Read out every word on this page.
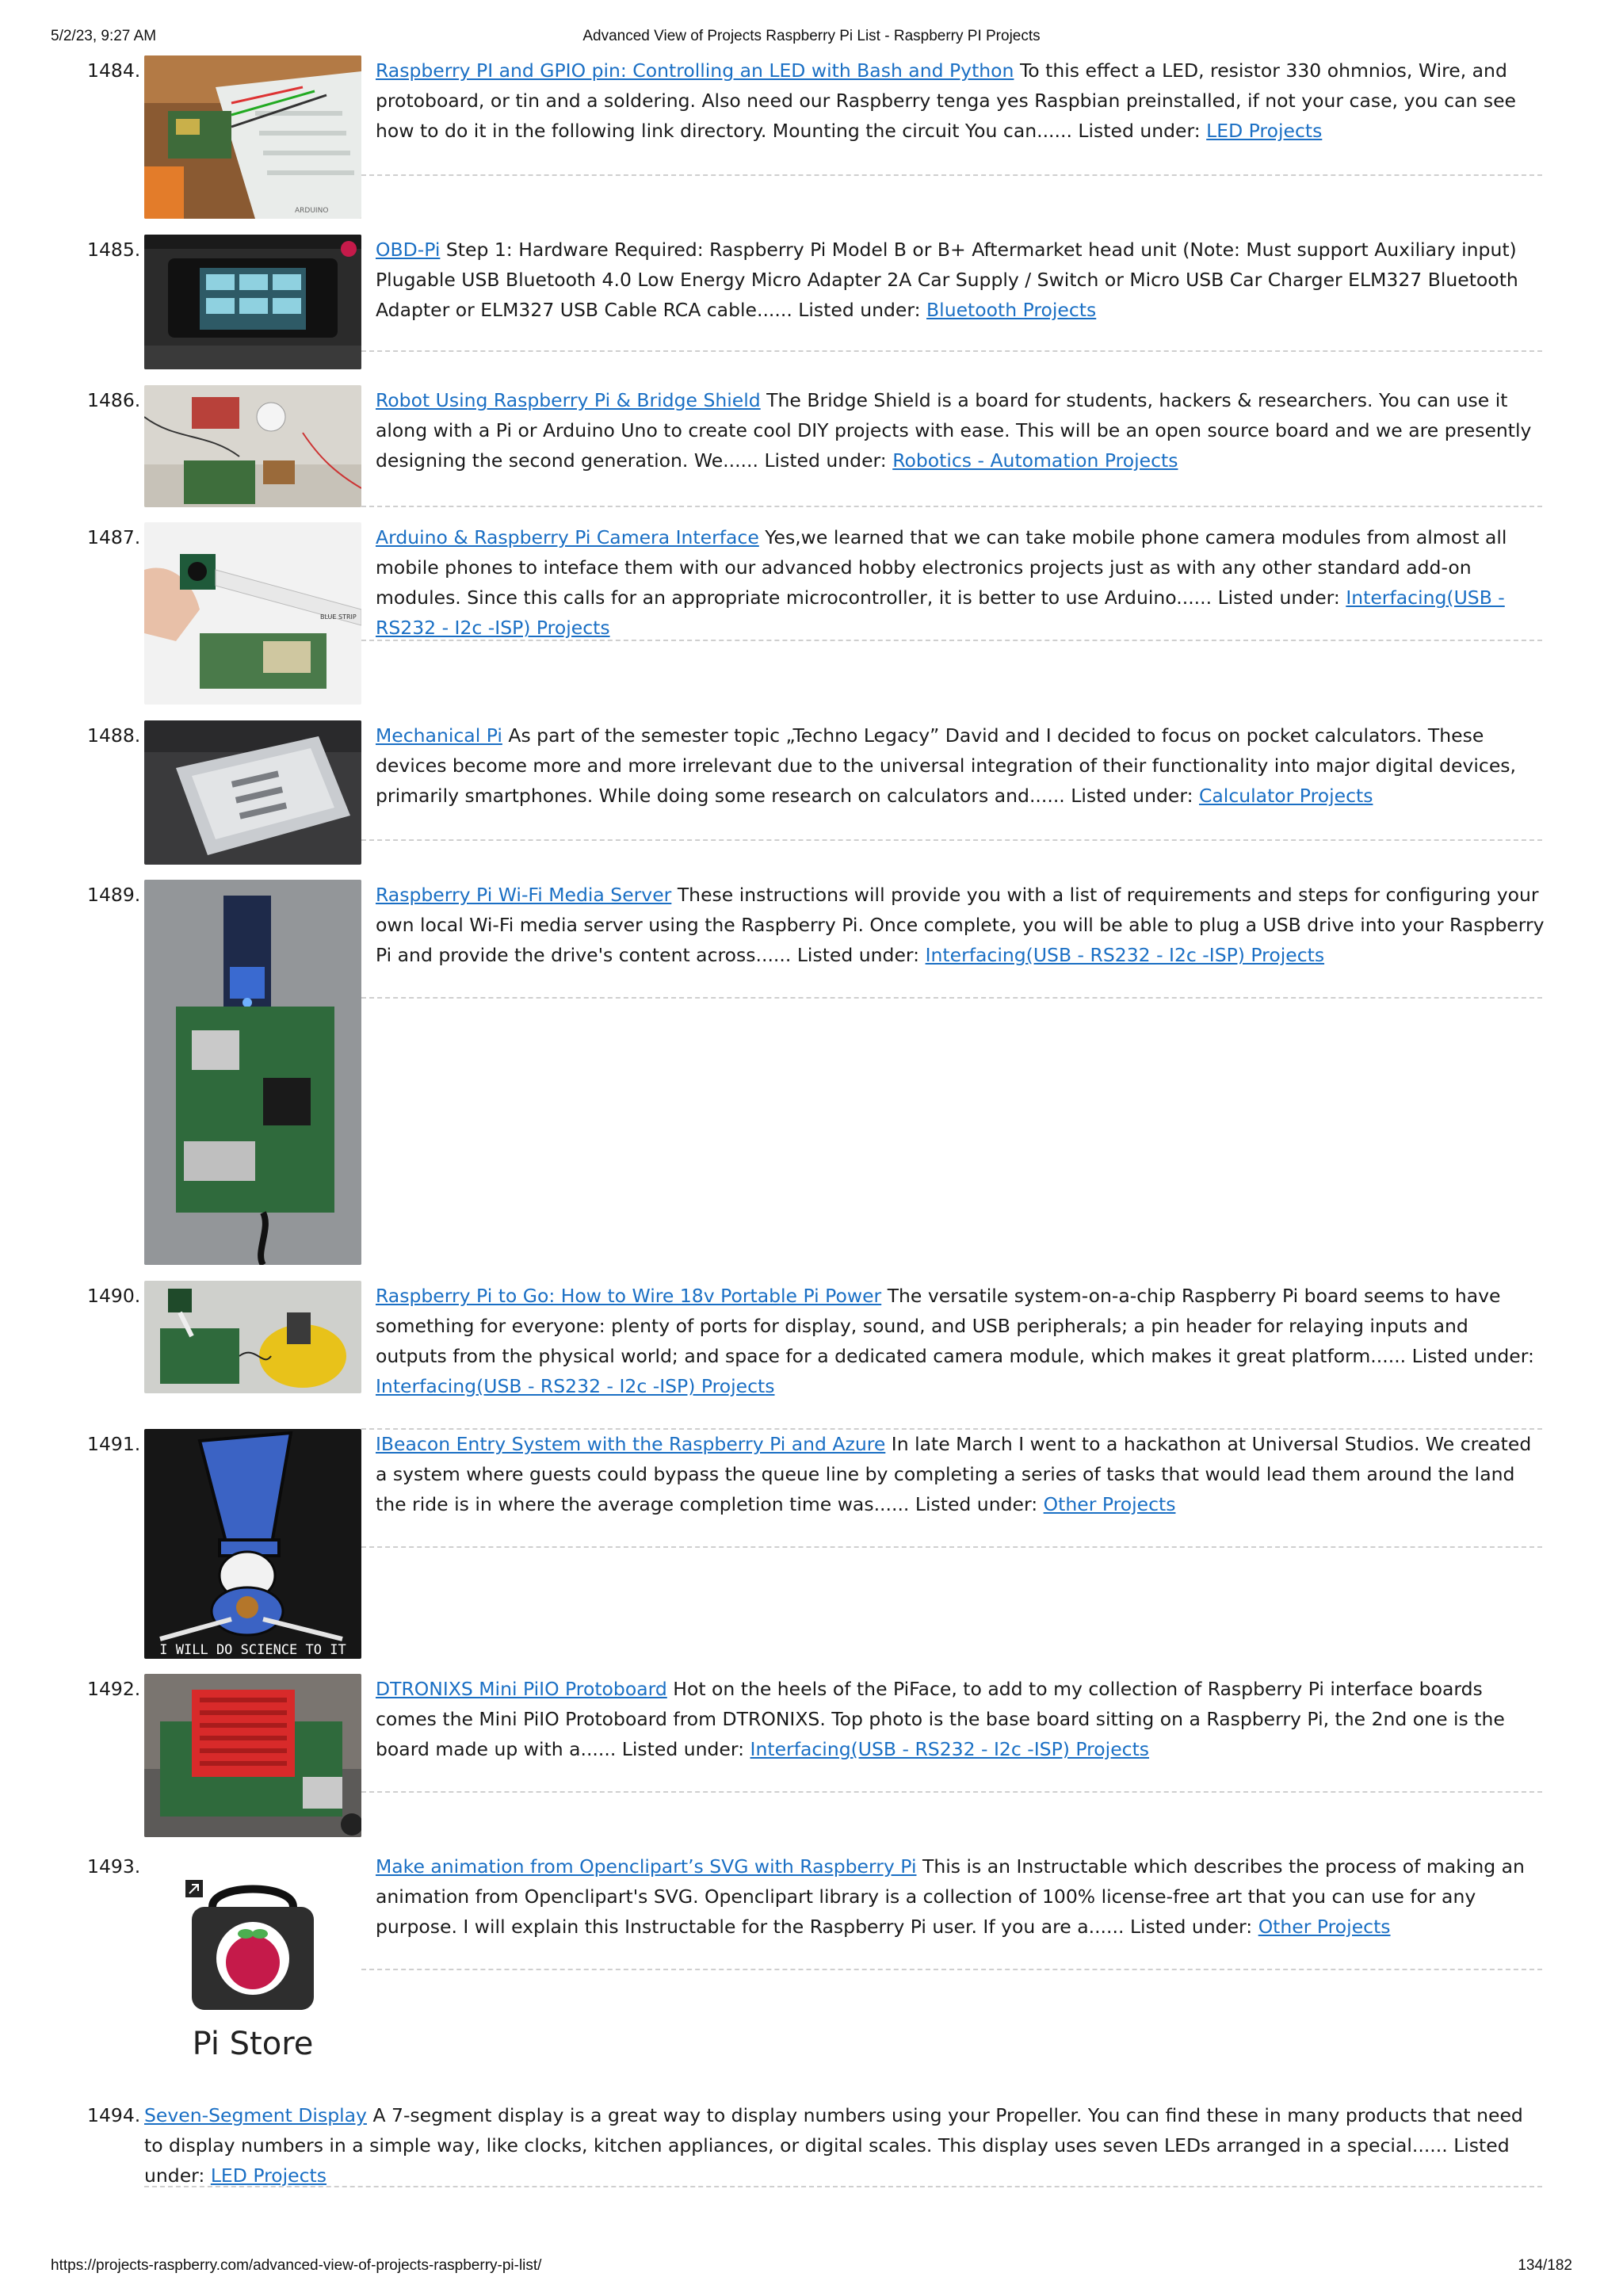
5/2/23, 9:27 AM	Advanced View of Projects Raspberry Pi List - Raspberry PI Projects
1484.
ARDUINO
Raspberry PI and GPIO pin: Controlling an LED with Bash and Python To this effect a LED, resistor 330 ohmnios, Wire, and protoboard, or tin and a soldering. Also need our Raspberry tenga yes Raspbian preinstalled, if not your case, you can see how to do it in the following link directory. Mounting the circuit You can...... Listed under: LED Projects
1485.	OBD-Pi Step 1: Hardware Required: Raspberry Pi Model B or B+ Aftermarket head unit (Note: Must support Auxiliary input) Plugable USB Bluetooth 4.0 Low Energy Micro Adapter 2A Car Supply / Switch or Micro USB Car Charger ELM327 Bluetooth Adapter or ELM327 USB Cable RCA cable...... Listed under: Bluetooth Projects
1486.	Robot Using Raspberry Pi & Bridge Shield The Bridge Shield is a board for students, hackers & researchers. You can use it along with a Pi or Arduino Uno to create cool DIY projects with ease. This will be an open source board and we are presently designing the second generation. We...... Listed under: Robotics - Automation Projects
1487.
BLUE STRIP
Arduino & Raspberry Pi Camera Interface Yes,we learned that we can take mobile phone camera modules from almost all mobile phones to inteface them with our advanced hobby electronics projects just as with any other standard add-on modules. Since this calls for an appropriate microcontroller, it is better to use Arduino...... Listed under: Interfacing(USB - RS232 - I2c -ISP) Projects
1488.	Mechanical Pi As part of the semester topic „Techno Legacy” David and I decided to focus on pocket calculators. These devices become more and more irrelevant due to the universal integration of their functionality into major digital devices, primarily smartphones. While doing some research on calculators and...... Listed under: Calculator Projects
1489.	Raspberry Pi Wi-Fi Media Server These instructions will provide you with a list of requirements and steps for configuring your own local Wi-Fi media server using the Raspberry Pi. Once complete, you will be able to plug a USB drive into your Raspberry Pi and provide the drive's content across...... Listed under: Interfacing(USB - RS232 - I2c -ISP) Projects
1490.	Raspberry Pi to Go: How to Wire 18v Portable Pi Power The versatile system-on-a-chip Raspberry Pi board seems to have something for everyone: plenty of ports for display, sound, and USB peripherals; a pin header for relaying inputs and outputs from the physical world; and space for a dedicated camera module, which makes it great platform...... Listed under: Interfacing(USB - RS232 - I2c -ISP) Projects
1491.
I WILL DO SCIENCE TO IT
IBeacon Entry System with the Raspberry Pi and Azure In late March I went to a hackathon at Universal Studios. We created a system where guests could bypass the queue line by completing a series of tasks that would lead them around the land the ride is in where the average completion time was...... Listed under: Other Projects
1492.	DTRONIXS Mini PiIO Protoboard Hot on the heels of the PiFace, to add to my collection of Raspberry Pi interface boards comes the Mini PiIO Protoboard from DTRONIXS. Top photo is the base board sitting on a Raspberry Pi, the 2nd one is the board made up with a...... Listed under: Interfacing(USB - RS232 - I2c -ISP) Projects
1493.
Pi Store
Make animation from Openclipart’s SVG with Raspberry Pi This is an Instructable which describes the process of making an animation from Openclipart's SVG. Openclipart library is a collection of 100% license-free art that you can use for any purpose. I will explain this Instructable for the Raspberry Pi user. If you are a...... Listed under: Other Projects
1494. Seven-Segment Display A 7-segment display is a great way to display numbers using your Propeller. You can find these in many products that need to display numbers in a simple way, like clocks, kitchen appliances, or digital scales. This display uses seven LEDs arranged in a special...... Listed under: LED Projects
https://projects-raspberry.com/advanced-view-of-projects-raspberry-pi-list/	134/182
